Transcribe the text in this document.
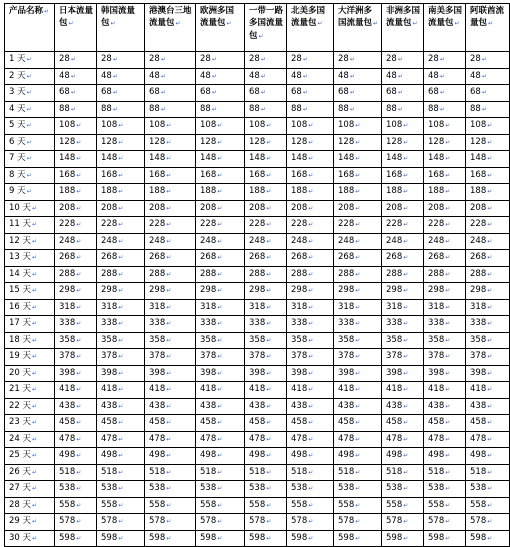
产品名称 ↵	日本流量包 ↵	韩国流量包 ↵	港澳台三地流量包 ↵	欧洲多国流量包 ↵	一带一路多国流量包 ↵	北美多国流量包 ↵	大洋洲多国流量包 ↵	非洲多国流量包 ↵	南美多国流量包 ↵	阿联酋流量包 ↵
1 天 ↵	28 ↵	28 ↵	28 ↵	28 ↵	28 ↵	28 ↵	28 ↵	28 ↵	28 ↵	28 ↵
2 天 ↵	48 ↵	48 ↵	48 ↵	48 ↵	48 ↵	48 ↵	48 ↵	48 ↵	48 ↵	48 ↵
3 天 ↵	68 ↵	68 ↵	68 ↵	68 ↵	68 ↵	68 ↵	68 ↵	68 ↵	68 ↵	68 ↵
4 天 ↵	88 ↵	88 ↵	88 ↵	88 ↵	88 ↵	88 ↵	88 ↵	88 ↵	88 ↵	88 ↵
5 天 ↵	108 ↵	108 ↵	108 ↵	108 ↵	108 ↵	108 ↵	108 ↵	108 ↵	108 ↵	108 ↵
6 天 ↵	128 ↵	128 ↵	128 ↵	128 ↵	128 ↵	128 ↵	128 ↵	128 ↵	128 ↵	128 ↵
7 天 ↵	148 ↵	148 ↵	148 ↵	148 ↵	148 ↵	148 ↵	148 ↵	148 ↵	148 ↵	148 ↵
8 天 ↵	168 ↵	168 ↵	168 ↵	168 ↵	168 ↵	168 ↵	168 ↵	168 ↵	168 ↵	168 ↵
9 天 ↵	188 ↵	188 ↵	188 ↵	188 ↵	188 ↵	188 ↵	188 ↵	188 ↵	188 ↵	188 ↵
10 天 ↵	208 ↵	208 ↵	208 ↵	208 ↵	208 ↵	208 ↵	208 ↵	208 ↵	208 ↵	208 ↵
11 天 ↵	228 ↵	228 ↵	228 ↵	228 ↵	228 ↵	228 ↵	228 ↵	228 ↵	228 ↵	228 ↵
12 天 ↵	248 ↵	248 ↵	248 ↵	248 ↵	248 ↵	248 ↵	248 ↵	248 ↵	248 ↵	248 ↵
13 天 ↵	268 ↵	268 ↵	268 ↵	268 ↵	268 ↵	268 ↵	268 ↵	268 ↵	268 ↵	268 ↵
14 天 ↵	288 ↵	288 ↵	288 ↵	288 ↵	288 ↵	288 ↵	288 ↵	288 ↵	288 ↵	288 ↵
15 天 ↵	298 ↵	298 ↵	298 ↵	298 ↵	298 ↵	298 ↵	298 ↵	298 ↵	298 ↵	298 ↵
16 天 ↵	318 ↵	318 ↵	318 ↵	318 ↵	318 ↵	318 ↵	318 ↵	318 ↵	318 ↵	318 ↵
17 天 ↵	338 ↵	338 ↵	338 ↵	338 ↵	338 ↵	338 ↵	338 ↵	338 ↵	338 ↵	338 ↵
18 天 ↵	358 ↵	358 ↵	358 ↵	358 ↵	358 ↵	358 ↵	358 ↵	358 ↵	358 ↵	358 ↵
19 天 ↵	378 ↵	378 ↵	378 ↵	378 ↵	378 ↵	378 ↵	378 ↵	378 ↵	378 ↵	378 ↵
20 天 ↵	398 ↵	398 ↵	398 ↵	398 ↵	398 ↵	398 ↵	398 ↵	398 ↵	398 ↵	398 ↵
21 天 ↵	418 ↵	418 ↵	418 ↵	418 ↵	418 ↵	418 ↵	418 ↵	418 ↵	418 ↵	418 ↵
22 天 ↵	438 ↵	438 ↵	438 ↵	438 ↵	438 ↵	438 ↵	438 ↵	438 ↵	438 ↵	438 ↵
23 天 ↵	458 ↵	458 ↵	458 ↵	458 ↵	458 ↵	458 ↵	458 ↵	458 ↵	458 ↵	458 ↵
24 天 ↵	478 ↵	478 ↵	478 ↵	478 ↵	478 ↵	478 ↵	478 ↵	478 ↵	478 ↵	478 ↵
25 天 ↵	498 ↵	498 ↵	498 ↵	498 ↵	498 ↵	498 ↵	498 ↵	498 ↵	498 ↵	498 ↵
26 天 ↵	518 ↵	518 ↵	518 ↵	518 ↵	518 ↵	518 ↵	518 ↵	518 ↵	518 ↵	518 ↵
27 天 ↵	538 ↵	538 ↵	538 ↵	538 ↵	538 ↵	538 ↵	538 ↵	538 ↵	538 ↵	538 ↵
28 天 ↵	558 ↵	558 ↵	558 ↵	558 ↵	558 ↵	558 ↵	558 ↵	558 ↵	558 ↵	558 ↵
29 天 ↵	578 ↵	578 ↵	578 ↵	578 ↵	578 ↵	578 ↵	578 ↵	578 ↵	578 ↵	578 ↵
30 天 ↵	598 ↵	598 ↵	598 ↵	598 ↵	598 ↵	598 ↵	598 ↵	598 ↵	598 ↵	598 ↵
